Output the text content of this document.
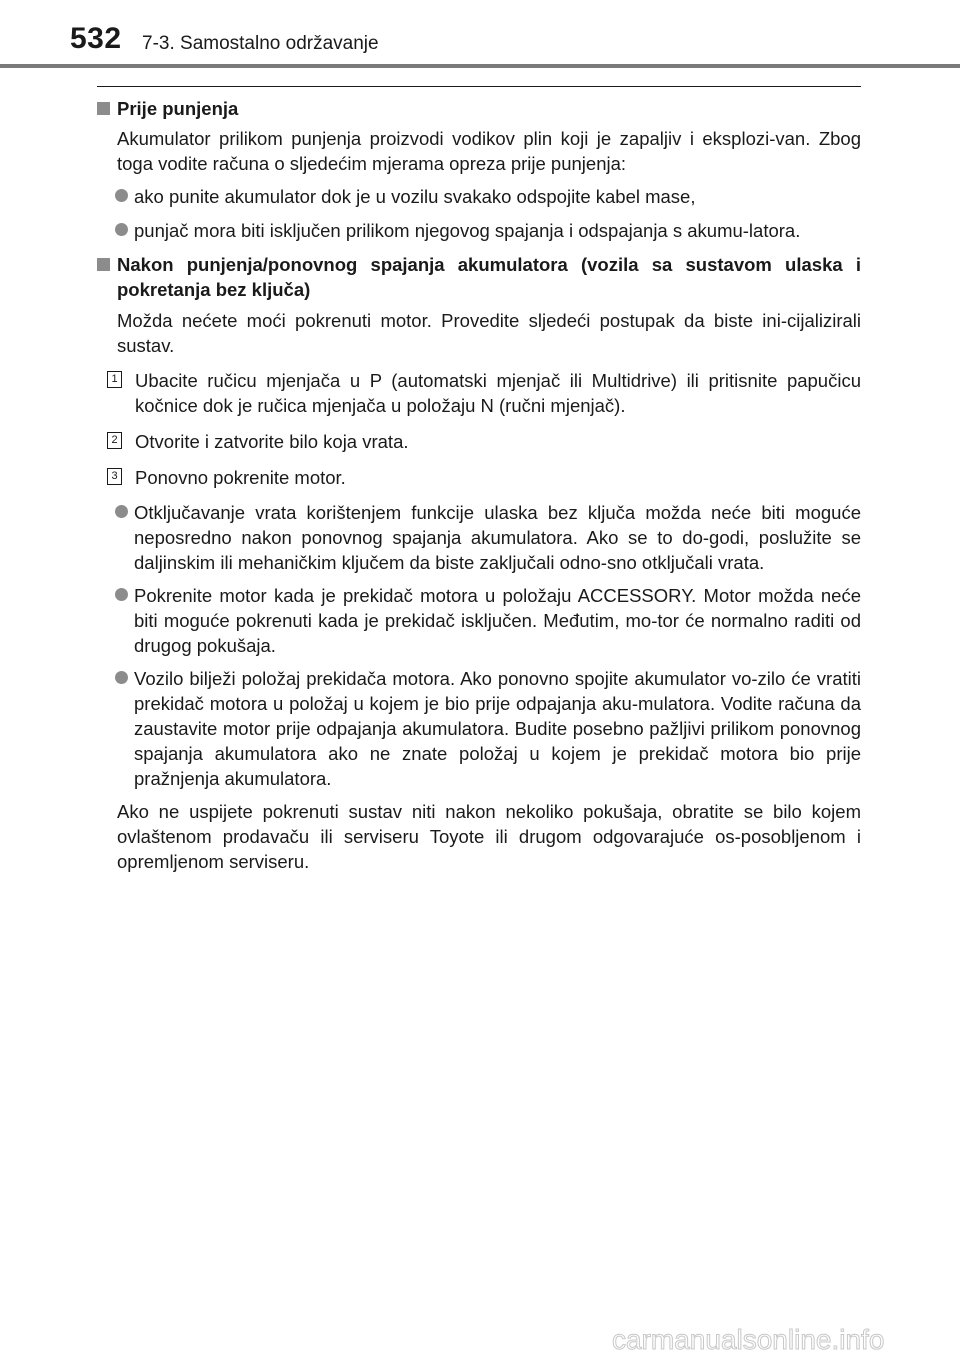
532 7-3. Samostalno održavanje
Prije punjenja
Akumulator prilikom punjenja proizvodi vodikov plin koji je zapaljiv i eksplozi-van. Zbog toga vodite računa o sljedećim mjerama opreza prije punjenja:
ako punite akumulator dok je u vozilu svakako odspojite kabel mase,
punjač mora biti isključen prilikom njegovog spajanja i odspajanja s akumu-latora.
Nakon punjenja/ponovnog spajanja akumulatora (vozila sa sustavom ulaska i pokretanja bez ključa)
Možda nećete moći pokrenuti motor. Provedite sljedeći postupak da biste ini-cijalizirali sustav.
1 Ubacite ručicu mjenjača u P (automatski mjenjač ili Multidrive) ili pritisnite papučicu kočnice dok je ručica mjenjača u položaju N (ručni mjenjač).
2 Otvorite i zatvorite bilo koja vrata.
3 Ponovno pokrenite motor.
Otključavanje vrata korištenjem funkcije ulaska bez ključa možda neće biti moguće neposredno nakon ponovnog spajanja akumulatora. Ako se to do-godi, poslužite se daljinskim ili mehaničkim ključem da biste zaključali odno-sno otključali vrata.
Pokrenite motor kada je prekidač motora u položaju ACCESSORY. Motor možda neće biti moguće pokrenuti kada je prekidač isključen. Međutim, mo-tor će normalno raditi od drugog pokušaja.
Vozilo bilježi položaj prekidača motora. Ako ponovno spojite akumulator vo-zilo će vratiti prekidač motora u položaj u kojem je bio prije odpajanja aku-mulatora. Vodite računa da zaustavite motor prije odpajanja akumulatora. Budite posebno pažljivi prilikom ponovnog spajanja akumulatora ako ne znate položaj u kojem je prekidač motora bio prije pražnjenja akumulatora.
Ako ne uspijete pokrenuti sustav niti nakon nekoliko pokušaja, obratite se bilo kojem ovlaštenom prodavaču ili serviseru Toyote ili drugom odgovarajuće os-posobljenom i opremljenom serviseru.
carmanualsonline.info
